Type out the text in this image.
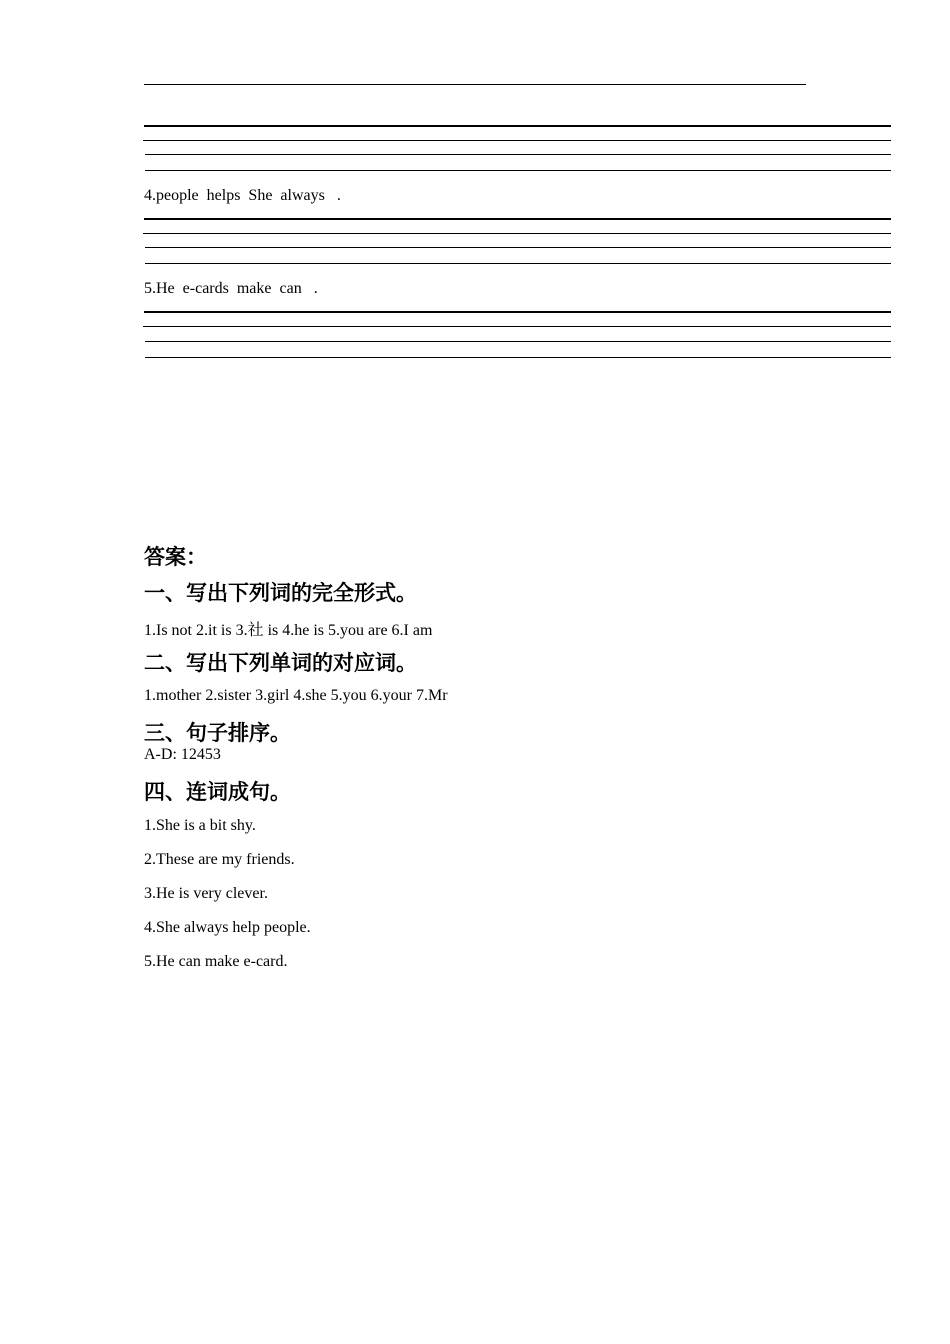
4.people  helps  She  always   .
5.He  e-cards  make  can   .
答案：
一、写出下列词的完全形式。
1.Is not 2.it is 3.社 is 4.he is 5.you are 6.I am
二、写出下列单词的对应词。
1.mother 2.sister 3.girl 4.she 5.you 6.your 7.Mr
三、句子排序。
A-D: 12453
四、连词成句。
1.She is a bit shy.
2.These are my friends.
3.He is very clever.
4.She always help people.
5.He can make e-card.
